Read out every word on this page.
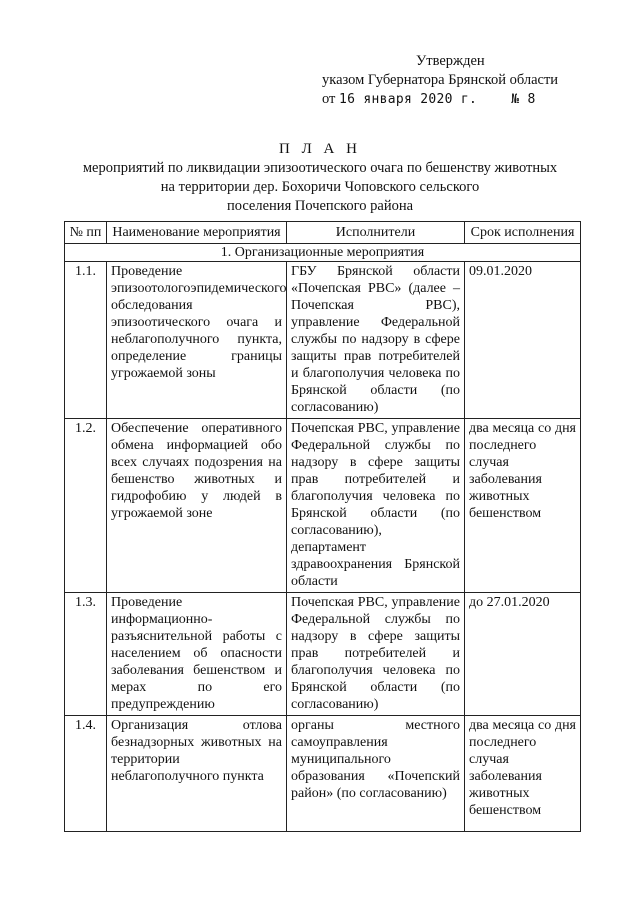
Утвержден
указом Губернатора Брянской области
от
16 января 2020 г.	№ 8
П Л А Н
мероприятий по ликвидации эпизоотического очага по бешенству животных
на территории дер. Бохоричи Чоповского сельского
поселения Почепского района
№ пп	Наименование мероприятия	Исполнители	Срок исполнения
1. Организационные мероприятия			
1.1.	Проведение эпизоотологоэпидемического обследования эпизоотического очага и неблагополучного пункта, определение границы угрожаемой зоны	ГБУ Брянской области «Почепская РВС» (далее – Почепская РВС), управление Федеральной службы по надзору в сфере защиты прав потребителей и благополучия человека по Брянской области (по согласованию)	09.01.2020
1.2.	Обеспечение оперативного обмена информацией обо всех случаях подозрения на бешенство животных и гидрофобию у людей в угрожаемой зоне	Почепская РВС, управление Федеральной службы по надзору в сфере защиты прав потребителей и благополучия человека по Брянской области (по согласованию), департамент здравоохранения Брянской области	два месяца со дня последнего случая заболевания животных бешенством
1.3.	Проведение информационно-разъяснительной работы с населением об опасности заболевания бешенством и мерах по его предупреждению	Почепская РВС, управление Федеральной службы по надзору в сфере защиты прав потребителей и благополучия человека по Брянской области (по согласованию)	до 27.01.2020
1.4.	Организация отлова безнадзорных животных на территории неблагополучного пункта	органы местного самоуправления муниципального образования «Почепский район» (по согласованию)	два месяца со дня последнего случая заболевания животных бешенством
